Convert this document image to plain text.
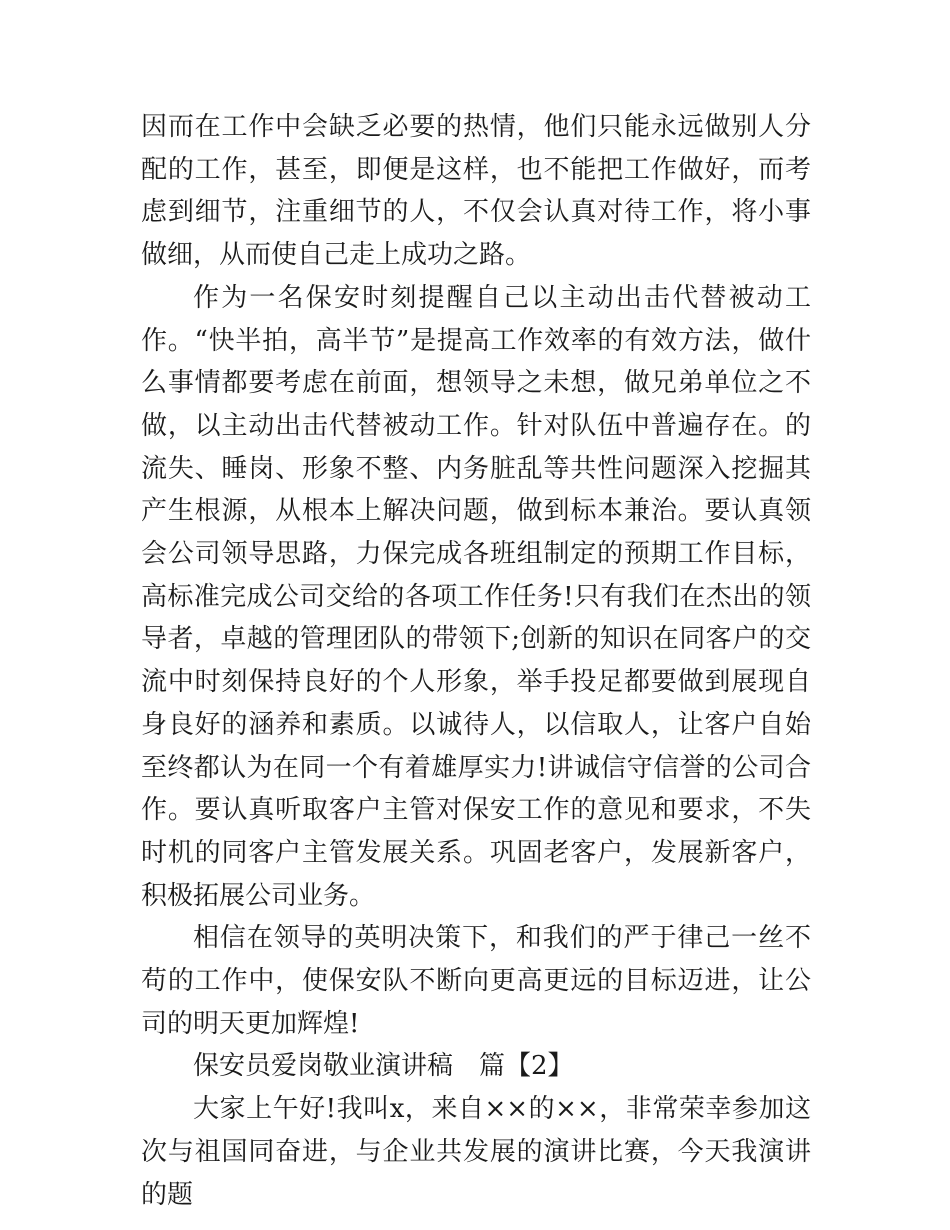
因而在工作中会缺乏必要的热情，他们只能永远做别人分配的工作，甚至，即便是这样，也不能把工作做好，而考虑到细节，注重细节的人，不仅会认真对待工作，将小事做细，从而使自己走上成功之路。

作为一名保安时刻提醒自己以主动出击代替被动工作。“快半拍，高半节”是提高工作效率的有效方法，做什么事情都要考虑在前面，想领导之未想，做兄弟单位之不做，以主动出击代替被动工作。针对队伍中普遍存在。的流失、睡岗、形象不整、内务脏乱等共性问题深入挖掘其产生根源，从根本上解决问题，做到标本兼治。要认真领会公司领导思路，力保完成各班组制定的预期工作目标，高标准完成公司交给的各项工作任务!只有我们在杰出的领导者，卓越的管理团队的带领下;创新的知识在同客户的交流中时刻保持良好的个人形象，举手投足都要做到展现自身良好的涵养和素质。以诚待人，以信取人，让客户自始至终都认为在同一个有着雄厚实力!讲诚信守信誉的公司合作。要认真听取客户主管对保安工作的意见和要求，不失时机的同客户主管发展关系。巩固老客户，发展新客户，积极拓展公司业务。

相信在领导的英明决策下，和我们的严于律己一丝不苟的工作中，使保安队不断向更高更远的目标迈进，让公司的明天更加辉煌!

保安员爱岗敬业演讲稿　篇【2】

大家上午好!我叫x，来自××的××，非常荣幸参加这次与祖国同奋进，与企业共发展的演讲比赛，今天我演讲的题
